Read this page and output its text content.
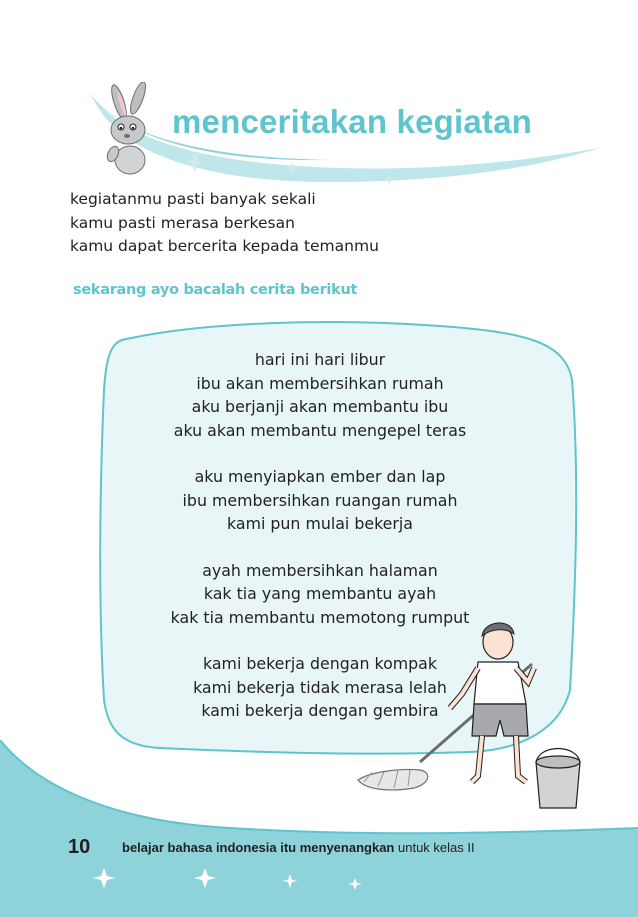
menceritakan kegiatan
kegiatanmu pasti banyak sekali
kamu pasti merasa berkesan
kamu dapat bercerita kepada temanmu
sekarang ayo bacalah cerita berikut
hari ini hari libur
ibu akan membersihkan rumah
aku berjanji akan membantu ibu
aku akan membantu mengepel teras
aku menyiapkan ember dan lap
ibu membersihkan ruangan rumah
kami pun mulai bekerja
ayah membersihkan halaman
kak tia yang membantu ayah
kak tia membantu memotong rumput
kami bekerja dengan kompak
kami bekerja tidak merasa lelah
kami bekerja dengan gembira
10 belajar bahasa indonesia itu menyenangkan untuk kelas II
